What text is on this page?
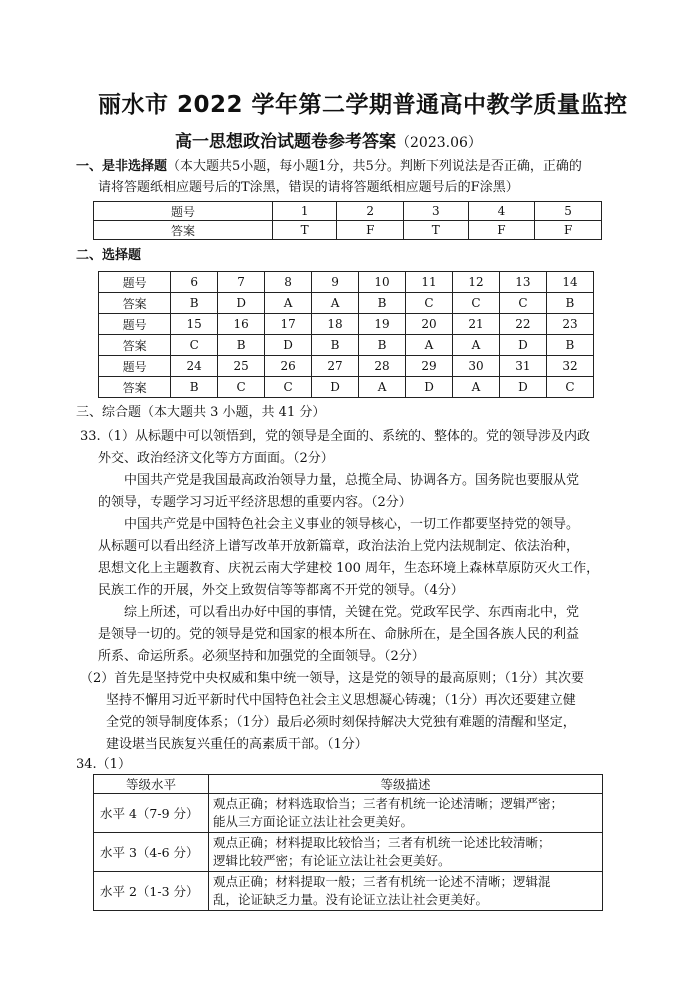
丽水市 2022 学年第二学期普通高中教学质量监控
高一思想政治试题卷参考答案（2023.06）
一、是非选择题（本大题共5小题，每小题1分，共5分。判断下列说法是否正确，正确的
请将答题纸相应题号后的T涂黑，错误的请将答题纸相应题号后的F涂黑）
题号	1	2	3	4	5
答案	T	F	T	F	F
二、选择题
题号	6	7	8	9	10	11	12	13	14
答案	B	D	A	A	B	C	C	C	B
题号	15	16	17	18	19	20	21	22	23
答案	C	B	D	B	B	A	A	D	B
题号	24	25	26	27	28	29	30	31	32
答案	B	C	C	D	A	D	A	D	C
三、综合题（本大题共 3 小题，共 41 分）
33.（1）从标题中可以领悟到，党的领导是全面的、系统的、整体的。党的领导涉及内政
外交、政治经济文化等方方面面。（2分）
中国共产党是我国最高政治领导力量，总揽全局、协调各方。国务院也要服从党
的领导，专题学习习近平经济思想的重要内容。（2分）
中国共产党是中国特色社会主义事业的领导核心，一切工作都要坚持党的领导。
从标题可以看出经济上谱写改革开放新篇章，政治法治上党内法规制定、依法治种，
思想文化上主题教育、庆祝云南大学建校 100 周年，生态环境上森林草原防灭火工作，
民族工作的开展，外交上致贺信等等都离不开党的领导。（4分）
综上所述，可以看出办好中国的事情，关键在党。党政军民学、东西南北中，党
是领导一切的。党的领导是党和国家的根本所在、命脉所在，是全国各族人民的利益
所系、命运所系。必须坚持和加强党的全面领导。（2分）
（2）首先是坚持党中央权威和集中统一领导，这是党的领导的最高原则；（1分）其次要
坚持不懈用习近平新时代中国特色社会主义思想凝心铸魂；（1分）再次还要建立健
全党的领导制度体系；（1分）最后必须时刻保持解决大党独有难题的清醒和坚定，
建设堪当民族复兴重任的高素质干部。（1分）
34.（1）
等级水平	等级描述
水平 4（7-9 分）	观点正确；材料选取恰当；三者有机统一论述清晰；逻辑严密；
能从三方面论证立法让社会更美好。

水平 3（4-6 分）	观点正确；材料提取比较恰当；三者有机统一论述比较清晰；
逻辑比较严密；有论证立法让社会更美好。

水平 2（1-3 分）	观点正确；材料提取一般；三者有机统一论述不清晰；逻辑混
乱，论证缺乏力量。没有论证立法让社会更美好。
